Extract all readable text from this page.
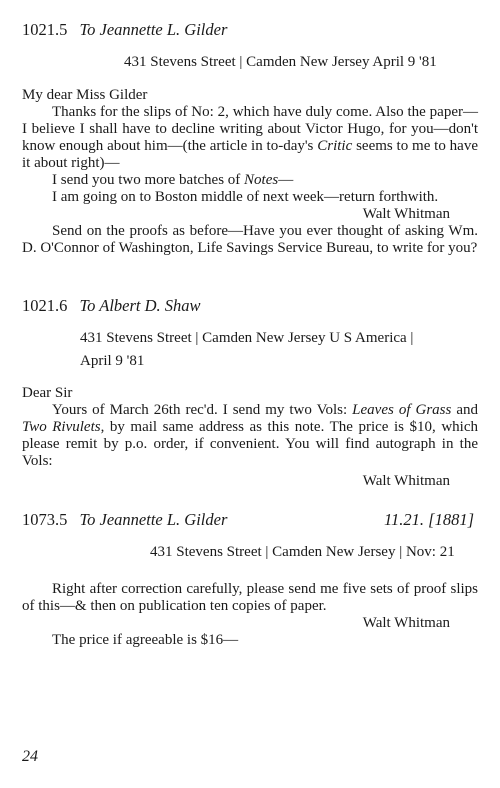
1021.5 To Jeannette L. Gilder
431 Stevens Street | Camden New Jersey April 9 '81

My dear Miss Gilder

Thanks for the slips of No: 2, which have duly come. Also the paper—I believe I shall have to decline writing about Victor Hugo, for you—don't know enough about him—(the article in to-day's Critic seems to me to have it about right)—

I send you two more batches of Notes—

I am going on to Boston middle of next week—return forthwith.

Walt Whitman

Send on the proofs as before—Have you ever thought of asking Wm. D. O'Connor of Washington, Life Savings Service Bureau, to write for you?

1021.6 To Albert D. Shaw
431 Stevens Street | Camden New Jersey U S America |
April 9 '81

Dear Sir

Yours of March 26th rec'd. I send my two Vols: Leaves of Grass and Two Rivulets, by mail same address as this note. The price is $10, which please remit by p.o. order, if convenient. You will find autograph in the Vols:

Walt Whitman

1073.5 To Jeannette L. Gilder	11.21. [1881]
431 Stevens Street | Camden New Jersey | Nov: 21

Right after correction carefully, please send me five sets of proof slips of this—& then on publication ten copies of paper.

Walt Whitman

The price if agreeable is $16—

24
